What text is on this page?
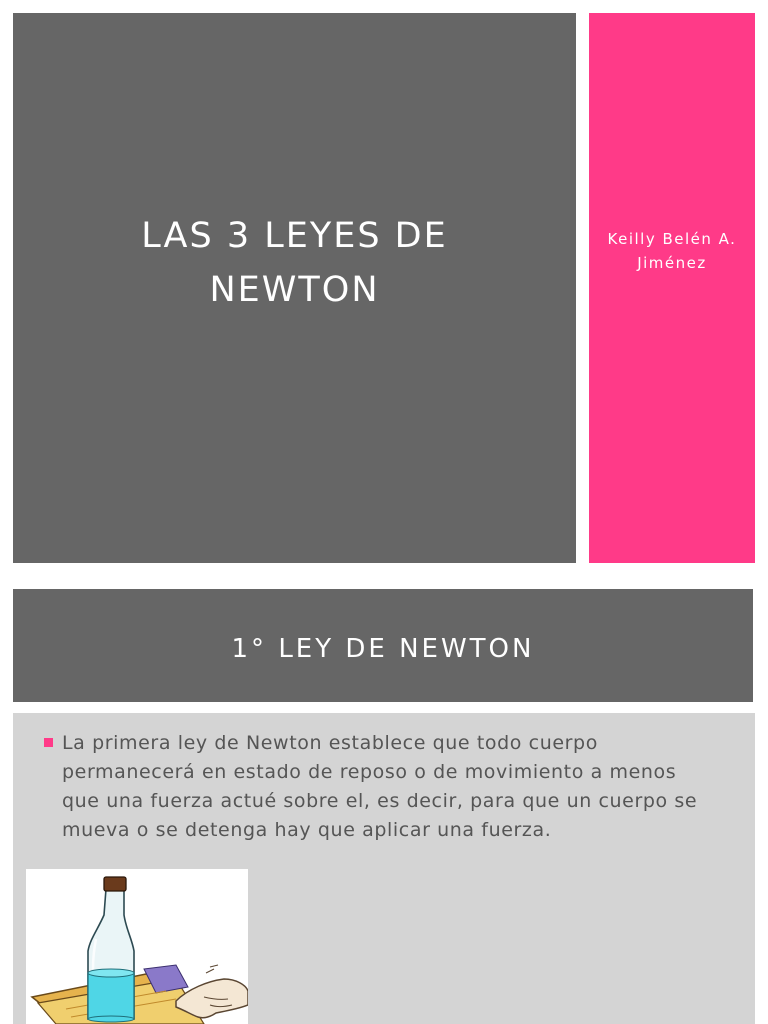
LAS 3 LEYES DE
NEWTON
Keilly Belén A.
Jiménez
1° LEY DE NEWTON
La primera ley de Newton establece que todo cuerpo
permanecerá en estado de reposo o de movimiento a menos
que una fuerza actué sobre el, es decir, para que un cuerpo se
mueva o se detenga hay que aplicar una fuerza.
